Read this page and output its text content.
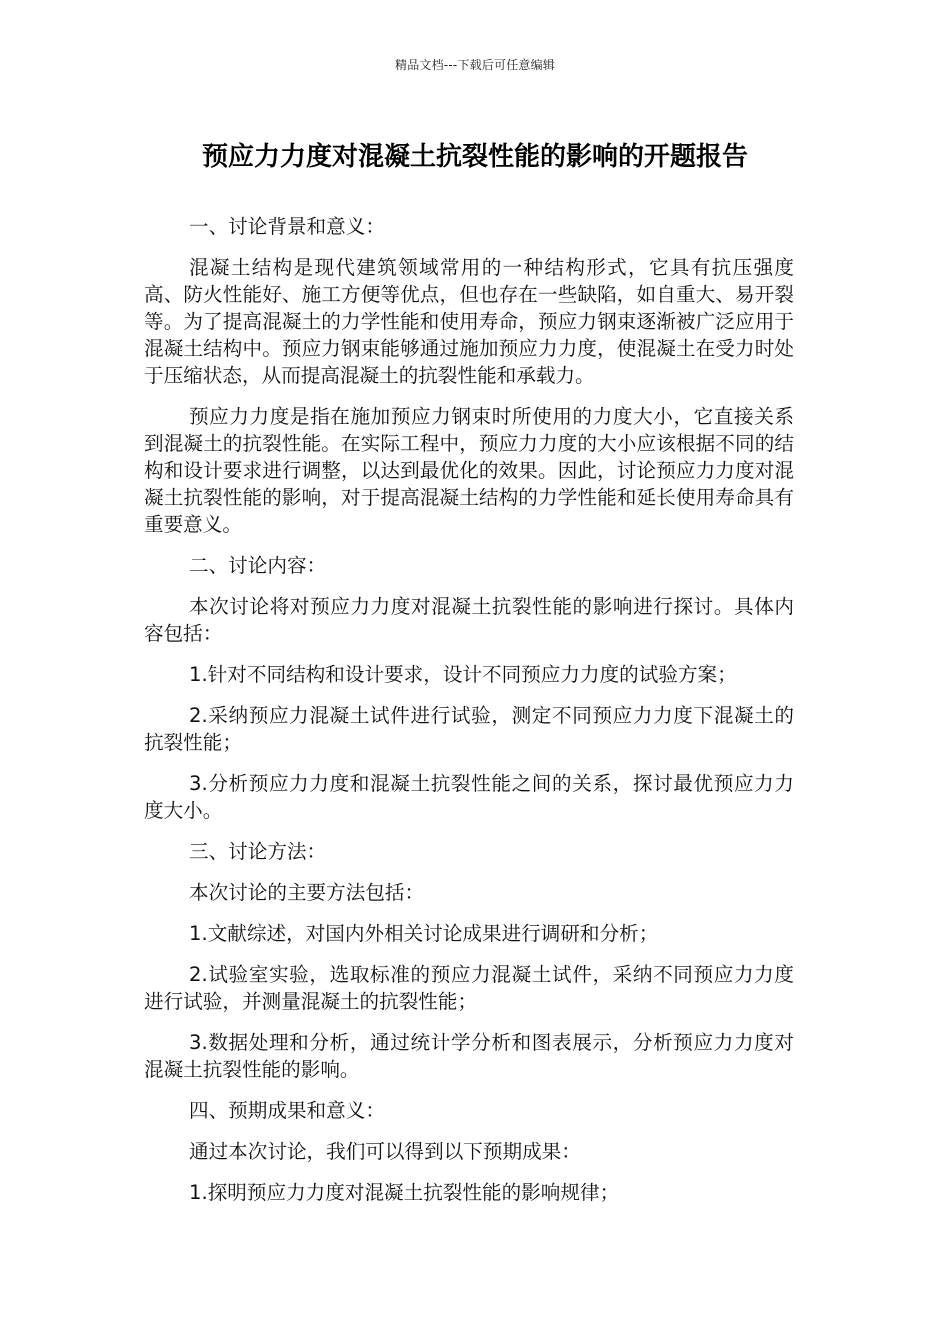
精品文档---下载后可任意编辑
预应力力度对混凝土抗裂性能的影响的开题报告

一、讨论背景和意义：

混凝土结构是现代建筑领域常用的一种结构形式，它具有抗压强度高、防火性能好、施工方便等优点，但也存在一些缺陷，如自重大、易开裂等。为了提高混凝土的力学性能和使用寿命，预应力钢束逐渐被广泛应用于混凝土结构中。预应力钢束能够通过施加预应力力度，使混凝土在受力时处于压缩状态，从而提高混凝土的抗裂性能和承载力。

预应力力度是指在施加预应力钢束时所使用的力度大小，它直接关系到混凝土的抗裂性能。在实际工程中，预应力力度的大小应该根据不同的结构和设计要求进行调整，以达到最优化的效果。因此，讨论预应力力度对混凝土抗裂性能的影响，对于提高混凝土结构的力学性能和延长使用寿命具有重要意义。

二、讨论内容：

本次讨论将对预应力力度对混凝土抗裂性能的影响进行探讨。具体内容包括：

1.针对不同结构和设计要求，设计不同预应力力度的试验方案；

2.采纳预应力混凝土试件进行试验，测定不同预应力力度下混凝土的抗裂性能；

3.分析预应力力度和混凝土抗裂性能之间的关系，探讨最优预应力力度大小。

三、讨论方法：

本次讨论的主要方法包括：

1.文献综述，对国内外相关讨论成果进行调研和分析；

2.试验室实验，选取标准的预应力混凝土试件，采纳不同预应力力度进行试验，并测量混凝土的抗裂性能；

3.数据处理和分析，通过统计学分析和图表展示，分析预应力力度对混凝土抗裂性能的影响。

四、预期成果和意义：

通过本次讨论，我们可以得到以下预期成果：

1.探明预应力力度对混凝土抗裂性能的影响规律；
